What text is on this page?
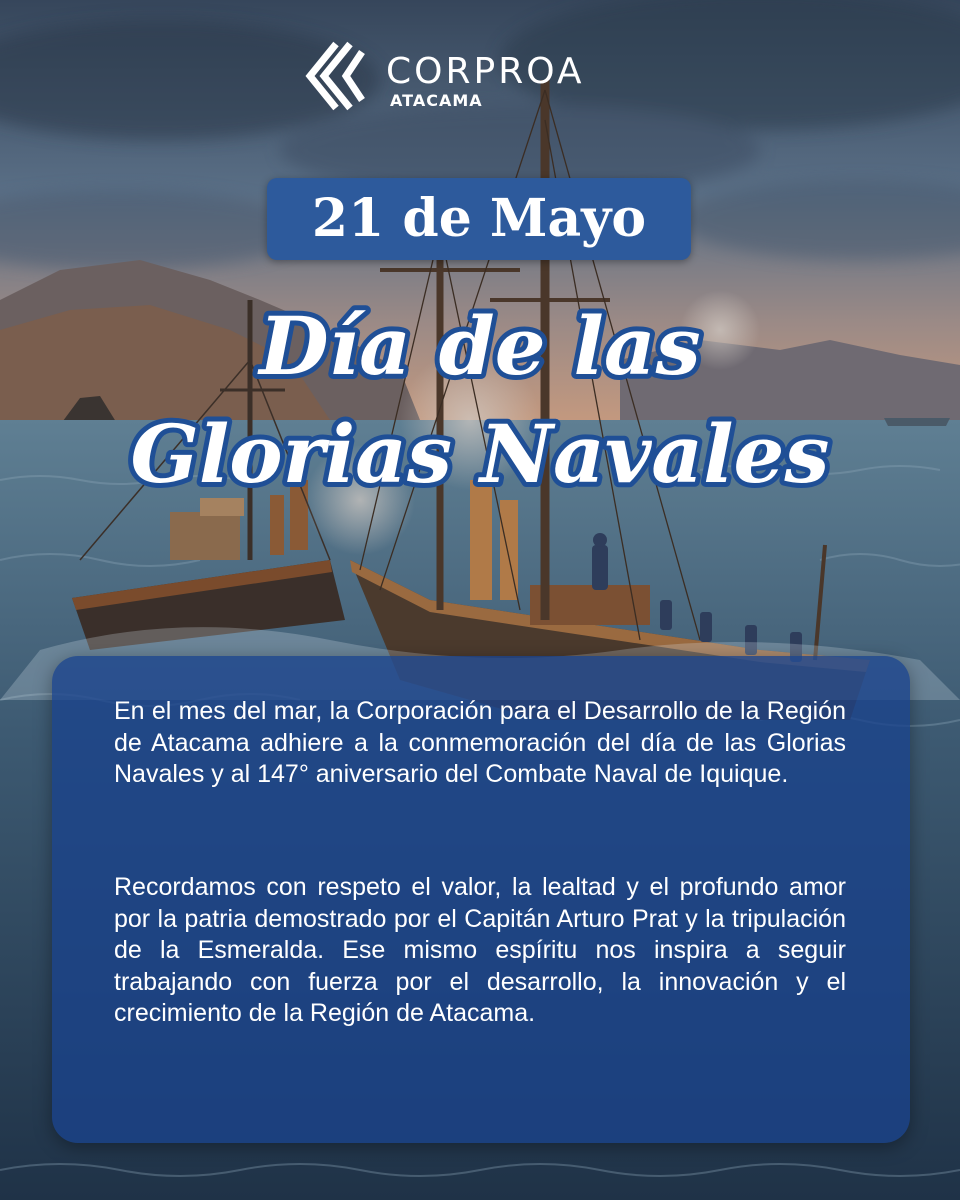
CORPROA
ATACAMA
21 de Mayo
Día de las
Glorias Navales

En el mes del mar, la Corporación para el Desarrollo de la Región de Atacama adhiere a la conmemoración del día de las Glorias Navales y al 147° aniversario del Combate Naval de Iquique.

Recordamos con respeto el valor, la lealtad y el profundo amor por la patria demostrado por el Capitán Arturo Prat y la tripulación de la Esmeralda. Ese mismo espíritu nos inspira a seguir trabajando con fuerza por el desarrollo, la innovación y el crecimiento de la Región de Atacama.
